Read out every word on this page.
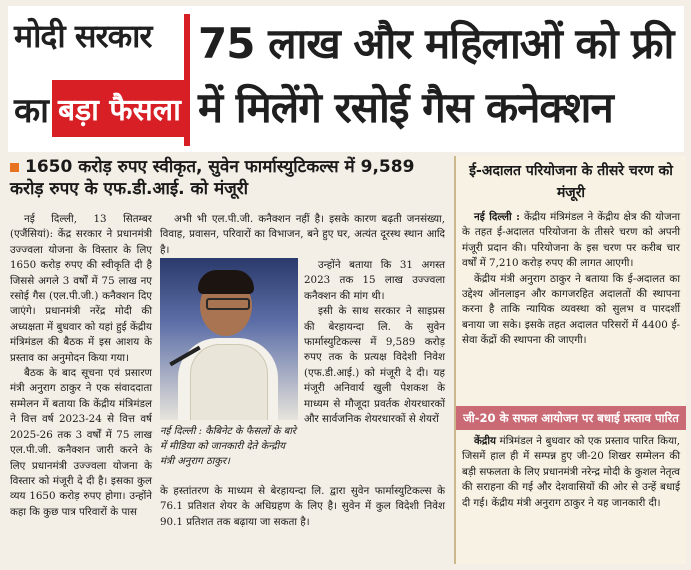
मोदी सरकार
का बड़ा फैसला
75 लाख और महिलाओं को फ्री में मिलेंगे रसोई गैस कनेक्शन
1650 करोड़ रुपए स्वीकृत, सुवेन फार्मास्युटिकल्स में 9,589 करोड़ रुपए के एफ.डी.आई. को मंजूरी

नई दिल्ली, 13 सितम्बर (एजैंसियां): केंद्र सरकार ने प्रधानमंत्री उज्ज्वला योजना के विस्तार के लिए 1650 करोड़ रुपए की स्वीकृति दी है जिससे अगले 3 वर्षों में 75 लाख नए रसोई गैस (एल.पी.जी.) कनैक्शन दिए जाएंगे। प्रधानमंत्री नरेंद्र मोदी की अध्यक्षता में बुधवार को यहां हुई केंद्रीय मंत्रिमंडल की बैठक में इस आशय के प्रस्ताव का अनुमोदन किया गया।

बैठक के बाद सूचना एवं प्रसारण मंत्री अनुराग ठाकुर ने एक संवाददाता सम्मेलन में बताया कि केंद्रीय मंत्रिमंडल ने वित्त वर्ष 2023-24 से वित्त वर्ष 2025-26 तक 3 वर्षों में 75 लाख एल.पी.जी. कनैक्शन जारी करने के लिए प्रधानमंत्री उज्ज्वला योजना के विस्तार को मंजूरी दे दी है। इसका कुल व्यय 1650 करोड़ रुपए होगा। उन्होंने कहा कि कुछ पात्र परिवारों के पास

अभी भी एल.पी.जी. कनैक्शन नहीं है। इसके कारण बढ़ती जनसंख्या, विवाह, प्रवासन, परिवारों का विभाजन, बने हुए घर, अत्यंत दूरस्थ स्थान आदि है।

नई दिल्ली : कैबिनेट के फैसलों के बारे में मीडिया को जानकारी देते केन्द्रीय मंत्री अनुराग ठाकुर।

उन्होंने बताया कि 31 अगस्त 2023 तक 15 लाख उज्ज्वला कनैक्शन की मांग थी।

इसी के साथ सरकार ने साइप्रस की बेरहायन्दा लि. के सुवेन फार्मास्युटिकल्स में 9,589 करोड़ रुपए तक के प्रत्यक्ष विदेशी निवेश (एफ.डी.आई.) को मंजूरी दे दी। यह मंजूरी अनिवार्य खुली पेशकश के माध्यम से मौजूदा प्रवर्तक शेयरधारकों और सार्वजनिक शेयरधारकों से शेयरों

के हस्तांतरण के माध्यम से बेरहायन्दा लि. द्वारा सुवेन फार्मास्युटिकल्स के 76.1 प्रतिशत शेयर के अधिग्रहण के लिए है। सुवेन में कुल विदेशी निवेश 90.1 प्रतिशत तक बढ़ाया जा सकता है।
ई-अदालत परियोजना के तीसरे चरण को मंजूरी

नई दिल्ली : केंद्रीय मंत्रिमंडल ने केंद्रीय क्षेत्र की योजना के तहत ई-अदालत परियोजना के तीसरे चरण को अपनी मंजूरी प्रदान की। परियोजना के इस चरण पर करीब चार वर्षों में 7,210 करोड़ रुपए की लागत आएगी।

केंद्रीय मंत्री अनुराग ठाकुर ने बताया कि ई-अदालत का उद्देश्य ऑनलाइन और कागजरहित अदालतों की स्थापना करना है ताकि न्यायिक व्यवस्था को सुलभ व पारदर्शी बनाया जा सके। इसके तहत अदालत परिसरों में 4400 ई-सेवा केंद्रों की स्थापना की जाएगी।

जी-20 के सफल आयोजन पर बधाई प्रस्ताव पारित

केंद्रीय मंत्रिमंडल ने बुधवार को एक प्रस्ताव पारित किया, जिसमें हाल ही में सम्पन्न हुए जी-20 शिखर सम्मेलन की बड़ी सफलता के लिए प्रधानमंत्री नरेन्द्र मोदी के कुशल नेतृत्व की सराहना की गई और देशवासियों की ओर से उन्हें बधाई दी गई। केंद्रीय मंत्री अनुराग ठाकुर ने यह जानकारी दी।
